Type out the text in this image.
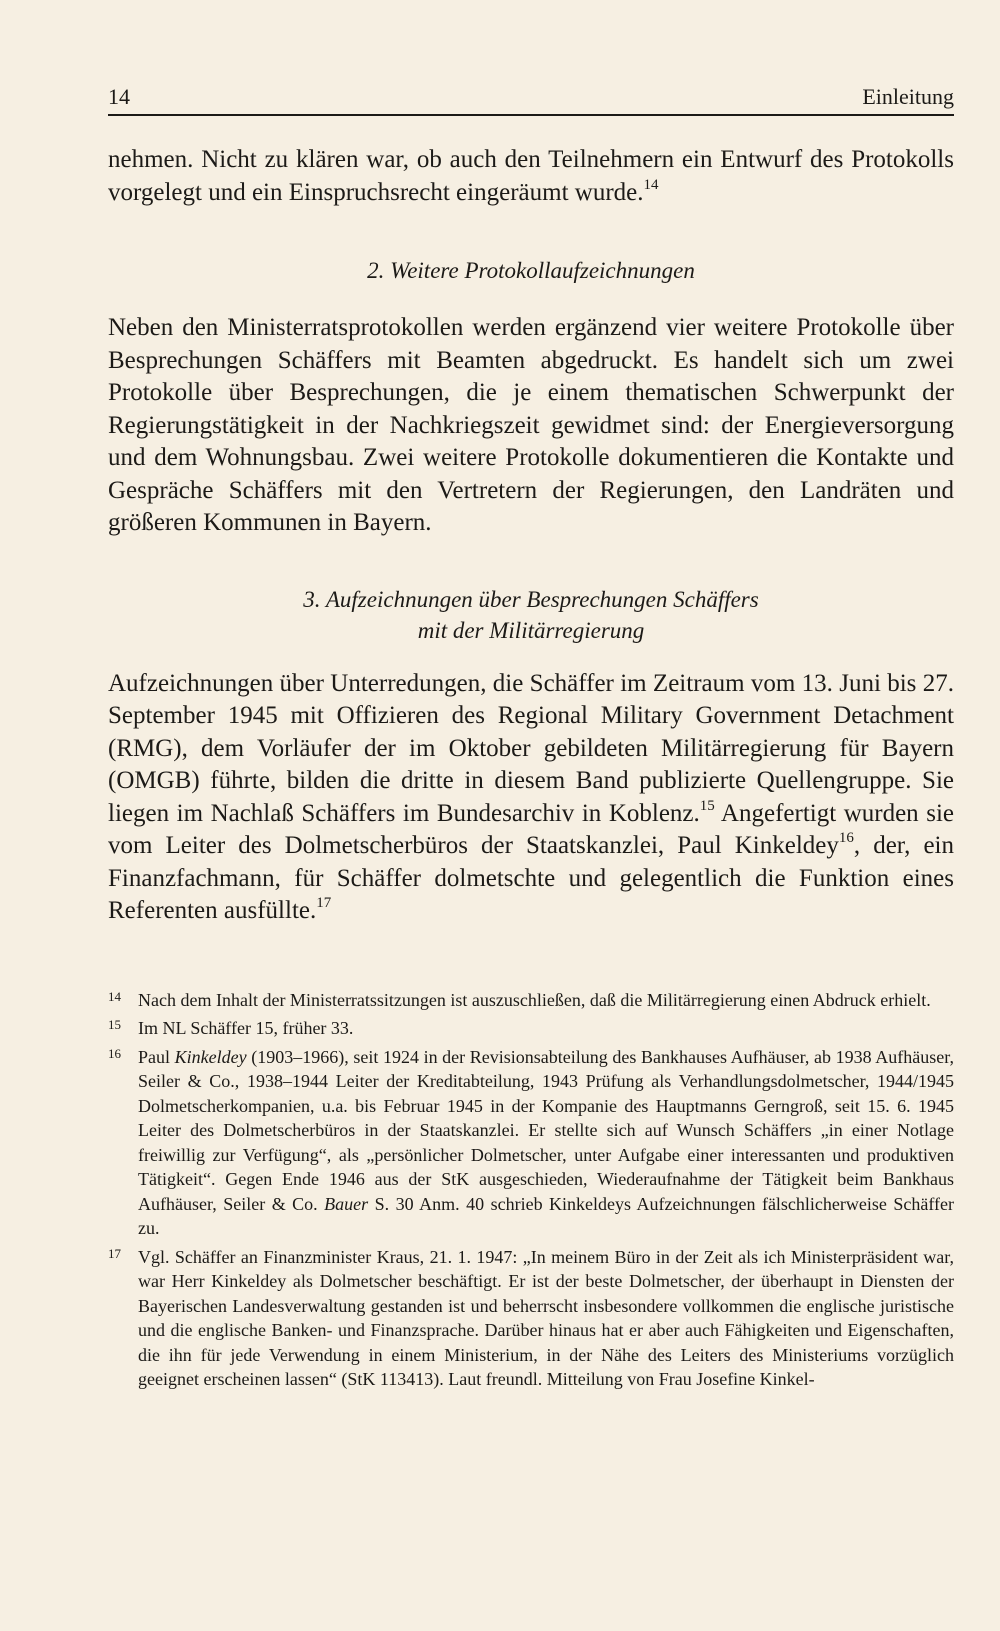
14	Einleitung

nehmen. Nicht zu klären war, ob auch den Teilnehmern ein Entwurf des Protokolls vorgelegt und ein Einspruchsrecht eingeräumt wurde.$^{14}$

2. Weitere Protokollaufzeichnungen

Neben den Ministerratsprotokollen werden ergänzend vier weitere Protokolle über Besprechungen Schäffers mit Beamten abgedruckt. Es handelt sich um zwei Protokolle über Besprechungen, die je einem thematischen Schwerpunkt der Regierungstätigkeit in der Nachkriegszeit gewidmet sind: der Energieversorgung und dem Wohnungsbau. Zwei weitere Protokolle dokumentieren die Kontakte und Gespräche Schäffers mit den Vertretern der Regierungen, den Landräten und größeren Kommunen in Bayern.

3. Aufzeichnungen über Besprechungen Schäffers
mit der Militärregierung

Aufzeichnungen über Unterredungen, die Schäffer im Zeitraum vom 13. Juni bis 27. September 1945 mit Offizieren des Regional Military Government Detachment (RMG), dem Vorläufer der im Oktober gebildeten Militärregierung für Bayern (OMGB) führte, bilden die dritte in diesem Band publizierte Quellengruppe. Sie liegen im Nachlaß Schäffers im Bundesarchiv in Koblenz.$^{15}$ Angefertigt wurden sie vom Leiter des Dolmetscherbüros der Staatskanzlei, Paul Kinkeldey$^{16}$, der, ein Finanzfachmann, für Schäffer dolmetschte und gelegentlich die Funktion eines Referenten ausfüllte.$^{17}$

14 Nach dem Inhalt der Ministerratssitzungen ist auszuschließen, daß die Militärregierung einen Abdruck erhielt.
15 Im NL Schäffer 15, früher 33.
16 Paul Kinkeldey (1903–1966), seit 1924 in der Revisionsabteilung des Bankhauses Aufhäuser, ab 1938 Aufhäuser, Seiler & Co., 1938–1944 Leiter der Kreditabteilung, 1943 Prüfung als Verhandlungsdolmetscher, 1944/1945 Dolmetscherkompanien, u.a. bis Februar 1945 in der Kompanie des Hauptmanns Gerngroß, seit 15. 6. 1945 Leiter des Dolmetscherbüros in der Staatskanzlei. Er stellte sich auf Wunsch Schäffers „in einer Notlage freiwillig zur Verfügung“, als „persönlicher Dolmetscher, unter Aufgabe einer interessanten und produktiven Tätigkeit“. Gegen Ende 1946 aus der StK ausgeschieden, Wiederaufnahme der Tätigkeit beim Bankhaus Aufhäuser, Seiler & Co. Bauer S. 30 Anm. 40 schrieb Kinkeldeys Aufzeichnungen fälschlicherweise Schäffer zu.
17 Vgl. Schäffer an Finanzminister Kraus, 21. 1. 1947: „In meinem Büro in der Zeit als ich Ministerpräsident war, war Herr Kinkeldey als Dolmetscher beschäftigt. Er ist der beste Dolmetscher, der überhaupt in Diensten der Bayerischen Landesverwaltung gestanden ist und beherrscht insbesondere vollkommen die englische juristische und die englische Banken- und Finanzsprache. Darüber hinaus hat er aber auch Fähigkeiten und Eigenschaften, die ihn für jede Verwendung in einem Ministerium, in der Nähe des Leiters des Ministeriums vorzüglich geeignet erscheinen lassen“ (StK 113413). Laut freundl. Mitteilung von Frau Josefine Kinkel-
